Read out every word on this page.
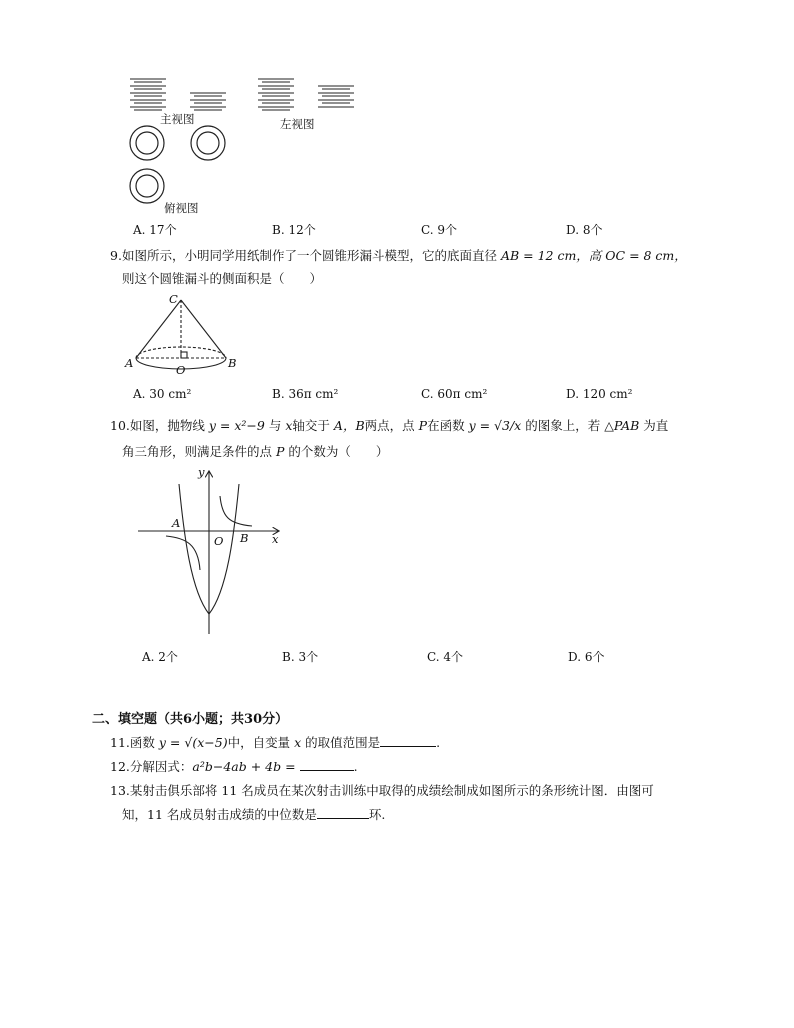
主视图	左视图
俯视图
A. 17个	B. 12个	C. 9个	D. 8个
9.如图所示，小明同学用纸制作了一个圆锥形漏斗模型，它的底面直径 AB = 12 cm，高 OC = 8 cm，
则这个圆锥漏斗的侧面积是（　　）
C
A	O	B
A. 30 cm²	B. 36π cm²	C. 60π cm²	D. 120 cm²
10.如图，抛物线 y = x²−9 与 x轴交于 A，B两点，点 P在函数 y = √3/x 的图象上，若 △PAB 为直
角三角形，则满足条件的点 P 的个数为（　　）
y
x
A
O B
A. 2个	B. 3个	C. 4个	D. 6个
二、填空题（共6小题；共30分）
11.函数 y = √(x−5)中，自变量 x 的取值范围是	.
12.分解因式：a²b−4ab + 4b =	.
13.某射击俱乐部将 11 名成员在某次射击训练中取得的成绩绘制成如图所示的条形统计图．由图可
知，11 名成员射击成绩的中位数是	环.
